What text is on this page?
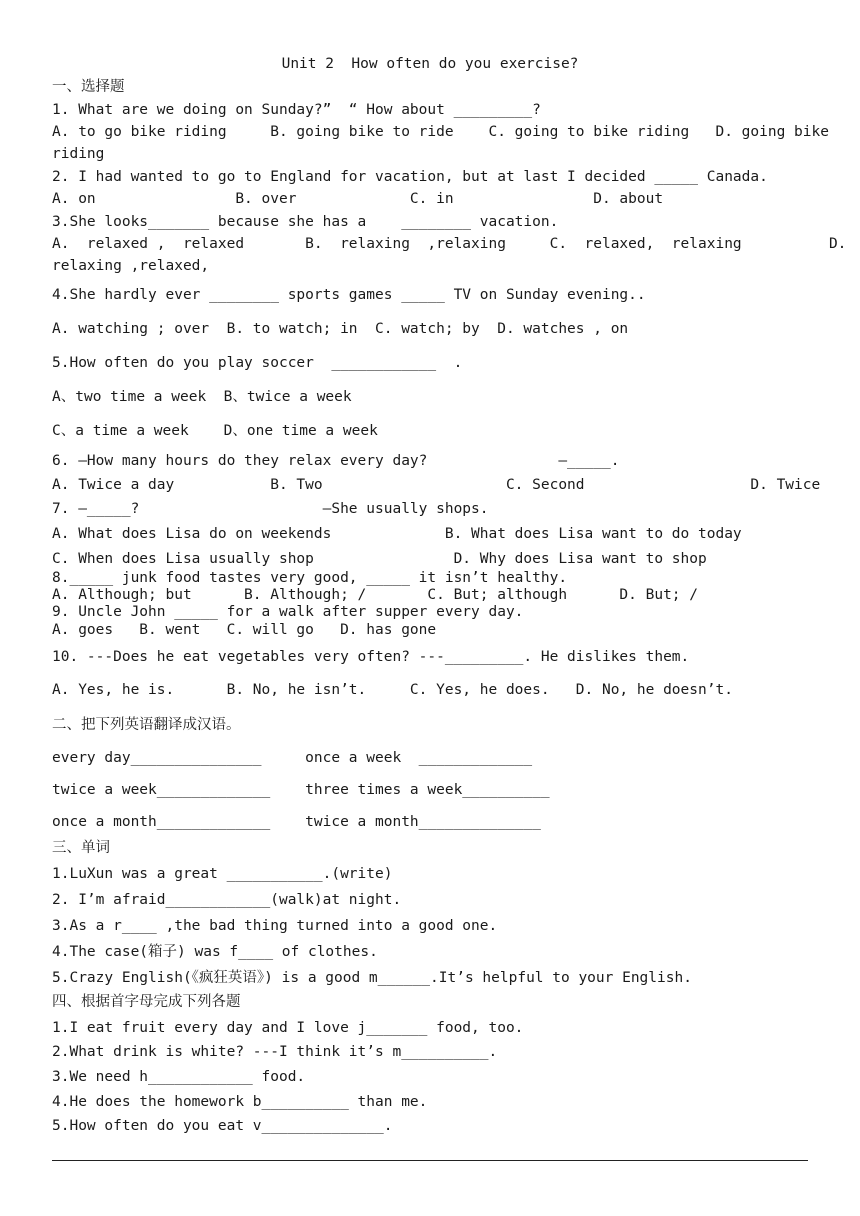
Unit 2  How often do you exercise?
一、选择题
1. What are we doing on Sunday?”  “ How about _________?
A. to go bike riding     B. going bike to ride    C. going to bike riding   D. going bike
riding
2. I had wanted to go to England for vacation, but at last I decided _____ Canada.
A. on                B. over             C. in                D. about
3.She looks_______ because she has a    ________ vacation.
A.  relaxed ,  relaxed       B.  relaxing  ,relaxing     C.  relaxed,  relaxing          D.
relaxing ,relaxed,
4.She hardly ever ________ sports games _____ TV on Sunday evening..
A. watching ; over  B. to watch; in  C. watch; by  D. watches , on
5.How often do you play soccer  ____________  .
A、two time a week  B、twice a week
C、a time a week    D、one time a week
6. —How many hours do they relax every day?               —_____.
A. Twice a day           B. Two                     C. Second                   D. Twice
7. —_____?                     —She usually shops.
A. What does Lisa do on weekends             B. What does Lisa want to do today
C. When does Lisa usually shop                D. Why does Lisa want to shop
8._____ junk food tastes very good, _____ it isn’t healthy.
A. Although; but      B. Although; /       C. But; although      D. But; /
9. Uncle John _____ for a walk after supper every day.
A. goes   B. went   C. will go   D. has gone
10. ---Does he eat vegetables very often? ---_________. He dislikes them.
A. Yes, he is.      B. No, he isn’t.     C. Yes, he does.   D. No, he doesn’t.
二、把下列英语翻译成汉语。
every day_______________     once a week  _____________
twice a week_____________    three times a week__________
once a month_____________    twice a month______________
三、单词
1.LuXun was a great ___________.(write)
2. I’m afraid____________(walk)at night.
3.As a r____ ,the bad thing turned into a good one.
4.The case(箱子) was f____ of clothes.
5.Crazy English(《疯狂英语》) is a good m______.It’s helpful to your English.
四、根据首字母完成下列各题
1.I eat fruit every day and I love j_______ food, too.
2.What drink is white? ---I think it’s m__________.
3.We need h____________ food.
4.He does the homework b__________ than me.
5.How often do you eat v______________.
